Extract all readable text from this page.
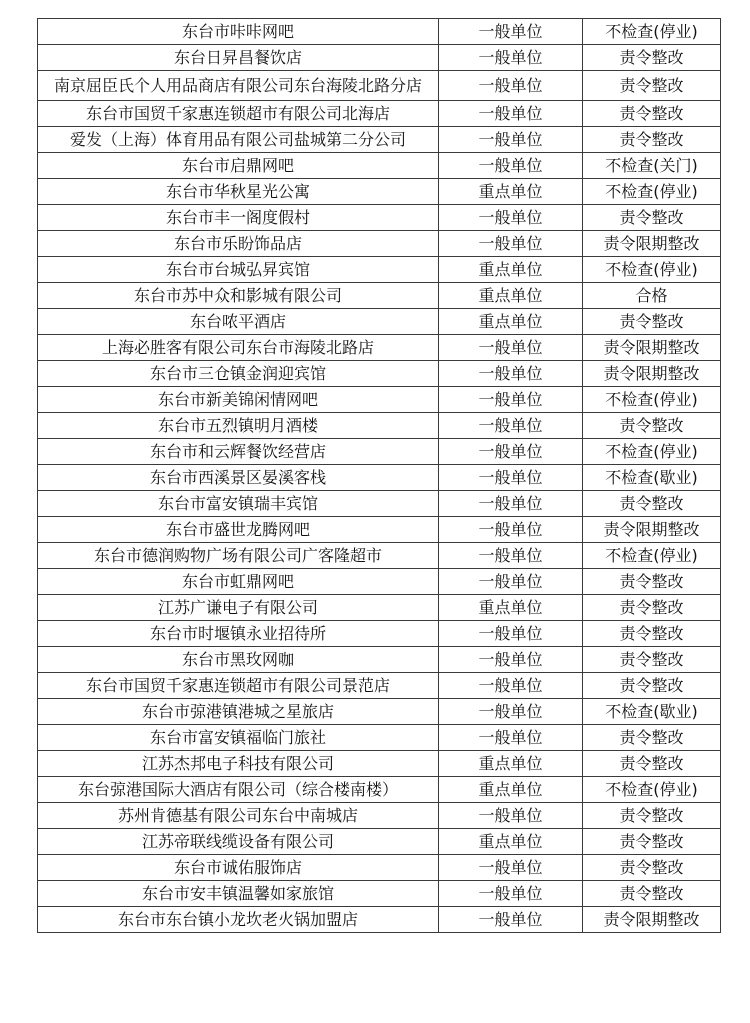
东台市咔咔网吧	一般单位	不检查(停业)
东台日昇昌餐饮店	一般单位	责令整改
南京屈臣氏个人用品商店有限公司东台海陵北路分店	一般单位	责令整改
东台市国贸千家惠连锁超市有限公司北海店	一般单位	责令整改
爱发（上海）体育用品有限公司盐城第二分公司	一般单位	责令整改
东台市启鼎网吧	一般单位	不检查(关门)
东台市华秋星光公寓	重点单位	不检查(停业)
东台市丰一阁度假村	一般单位	责令整改
东台市乐盼饰品店	一般单位	责令限期整改
东台市台城弘昇宾馆	重点单位	不检查(停业)
东台市苏中众和影城有限公司	重点单位	合格
东台哝平酒店	重点单位	责令整改
上海必胜客有限公司东台市海陵北路店	一般单位	责令限期整改
东台市三仓镇金润迎宾馆	一般单位	责令限期整改
东台市新美锦闲情网吧	一般单位	不检查(停业)
东台市五烈镇明月酒楼	一般单位	责令整改
东台市和云辉餐饮经营店	一般单位	不检查(停业)
东台市西溪景区晏溪客栈	一般单位	不检查(歇业)
东台市富安镇瑞丰宾馆	一般单位	责令整改
东台市盛世龙腾网吧	一般单位	责令限期整改
东台市德润购物广场有限公司广客隆超市	一般单位	不检查(停业)
东台市虹鼎网吧	一般单位	责令整改
江苏广谦电子有限公司	重点单位	责令整改
东台市时堰镇永业招待所	一般单位	责令整改
东台市黑玫网咖	一般单位	责令整改
东台市国贸千家惠连锁超市有限公司景范店	一般单位	责令整改
东台市弶港镇港城之星旅店	一般单位	不检查(歇业)
东台市富安镇福临门旅社	一般单位	责令整改
江苏杰邦电子科技有限公司	重点单位	责令整改
东台弶港国际大酒店有限公司（综合楼南楼）	重点单位	不检查(停业)
苏州肯德基有限公司东台中南城店	一般单位	责令整改
江苏帝联线缆设备有限公司	重点单位	责令整改
东台市诚佑服饰店	一般单位	责令整改
东台市安丰镇温馨如家旅馆	一般单位	责令整改
东台市东台镇小龙坎老火锅加盟店	一般单位	责令限期整改
